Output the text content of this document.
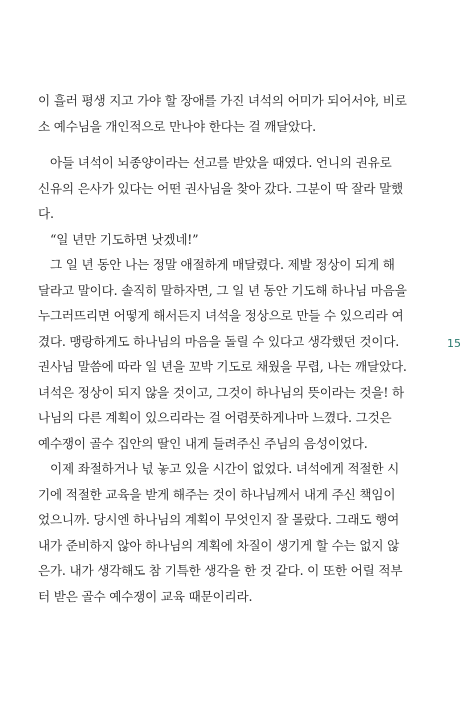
이 흘러 평생 지고 가야 할 장애를 가진 녀석의 어미가 되어서야, 비로
소 예수님을 개인적으로 만나야 한다는 걸 깨달았다.
아들 녀석이 뇌종양이라는 선고를 받았을 때였다. 언니의 권유로
신유의 은사가 있다는 어떤 권사님을 찾아 갔다. 그분이 딱 잘라 말했
다.
“일 년만 기도하면 낫겠네!”
그 일 년 동안 나는 정말 애절하게 매달렸다. 제발 정상이 되게 해
달라고 말이다. 솔직히 말하자면, 그 일 년 동안 기도해 하나님 마음을
누그러뜨리면 어떻게 해서든지 녀석을 정상으로 만들 수 있으리라 여
겼다. 맹랑하게도 하나님의 마음을 돌릴 수 있다고 생각했던 것이다.
권사님 말씀에 따라 일 년을 꼬박 기도로 채웠을 무렵, 나는 깨달았다.
녀석은 정상이 되지 않을 것이고, 그것이 하나님의 뜻이라는 것을! 하
나님의 다른 계획이 있으리라는 걸 어렴풋하게나마 느꼈다. 그것은
예수쟁이 골수 집안의 딸인 내게 들려주신 주님의 음성이었다.
이제 좌절하거나 넋 놓고 있을 시간이 없었다. 녀석에게 적절한 시
기에 적절한 교육을 받게 해주는 것이 하나님께서 내게 주신 책임이
었으니까. 당시엔 하나님의 계획이 무엇인지 잘 몰랐다. 그래도 행여
내가 준비하지 않아 하나님의 계획에 차질이 생기게 할 수는 없지 않
은가. 내가 생각해도 참 기특한 생각을 한 것 같다. 이 또한 어릴 적부
터 받은 골수 예수쟁이 교육 때문이리라.
15
